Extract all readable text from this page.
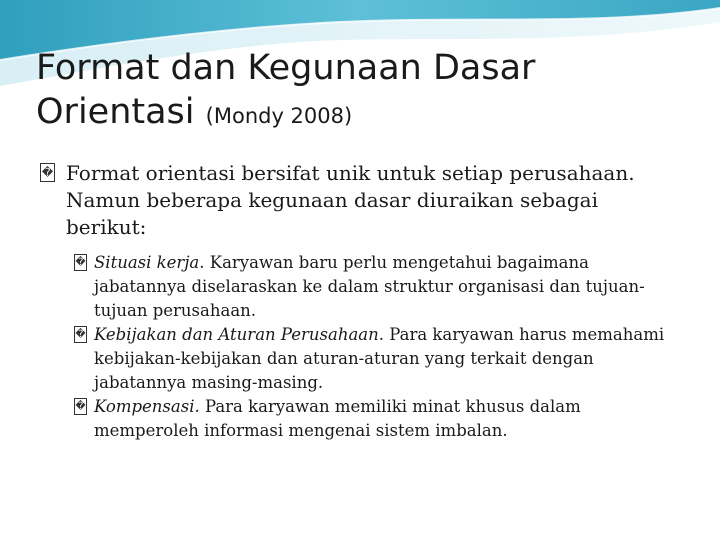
Format dan Kegunaan Dasar Orientasi (Mondy 2008)

� Format orientasi bersifat unik untuk setiap perusahaan. Namun beberapa kegunaan dasar diuraikan sebagai berikut:

� Situasi kerja. Karyawan baru perlu mengetahui bagaimana jabatannya diselaraskan ke dalam struktur organisasi dan tujuan-tujuan perusahaan.
� Kebijakan dan Aturan Perusahaan. Para karyawan harus memahami kebijakan-kebijakan dan aturan-aturan yang terkait dengan jabatannya masing-masing.
� Kompensasi. Para karyawan memiliki minat khusus dalam memperoleh informasi mengenai sistem imbalan.
